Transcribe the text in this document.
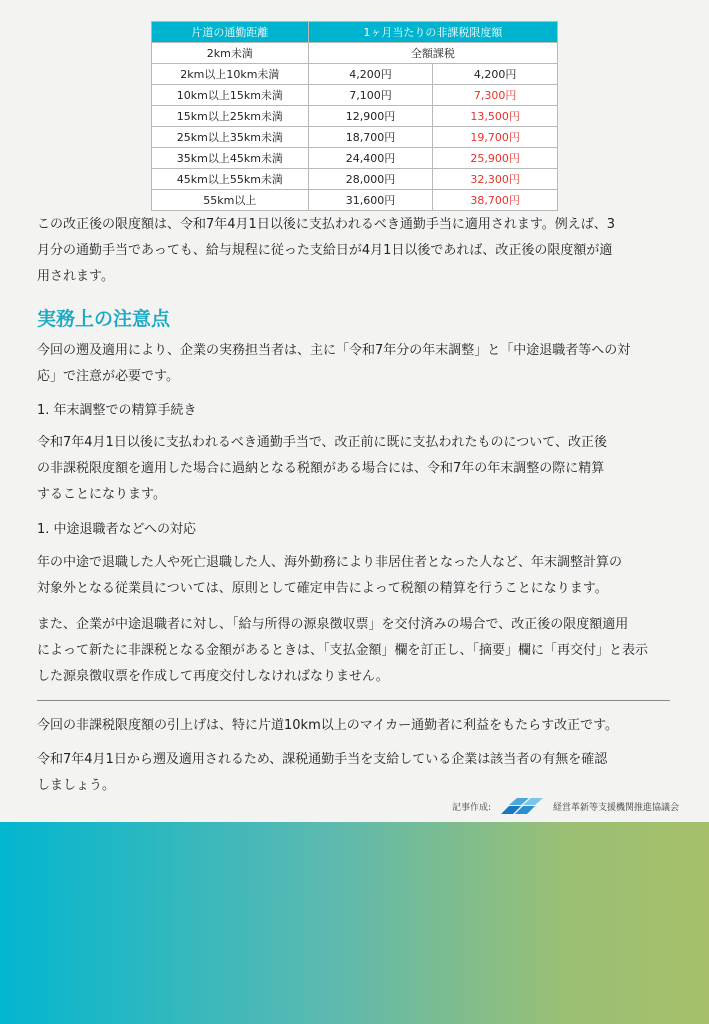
片道の通勤距離	1ヶ月当たりの非課税限度額	
2km未満	全額課税	
2km以上10km未満	4,200円	4,200円
10km以上15km未満	7,100円	7,300円
15km以上25km未満	12,900円	13,500円
25km以上35km未満	18,700円	19,700円
35km以上45km未満	24,400円	25,900円
45km以上55km未満	28,000円	32,300円
55km以上	31,600円	38,700円

この改正後の限度額は、令和7年4月1日以後に支払われるべき通勤手当に適用されます。例えば、3
月分の通勤手当であっても、給与規程に従った支給日が4月1日以後であれば、改正後の限度額が適
用されます。

実務上の注意点

今回の遡及適用により、企業の実務担当者は、主に「令和7年分の年末調整」と「中途退職者等への対
応」で注意が必要です。

1. 年末調整での精算手続き

令和7年4月1日以後に支払われるべき通勤手当で、改正前に既に支払われたものについて、改正後
の非課税限度額を適用した場合に過納となる税額がある場合には、令和7年の年末調整の際に精算
することになります。

1. 中途退職者などへの対応

年の中途で退職した人や死亡退職した人、海外勤務により非居住者となった人など、年末調整計算の
対象外となる従業員については、原則として確定申告によって税額の精算を行うことになります。

また、企業が中途退職者に対し、「給与所得の源泉徴収票」を交付済みの場合で、改正後の限度額適用
によって新たに非課税となる金額があるときは、「支払金額」欄を訂正し、「摘要」欄に「再交付」と表示
した源泉徴収票を作成して再度交付しなければなりません。

今回の非課税限度額の引上げは、特に片道10km以上のマイカー通勤者に利益をもたらす改正です。

令和7年4月1日から遡及適用されるため、課税通勤手当を支給している企業は該当者の有無を確認
しましょう。

記事作成:	経営革新等支援機関推進協議会
